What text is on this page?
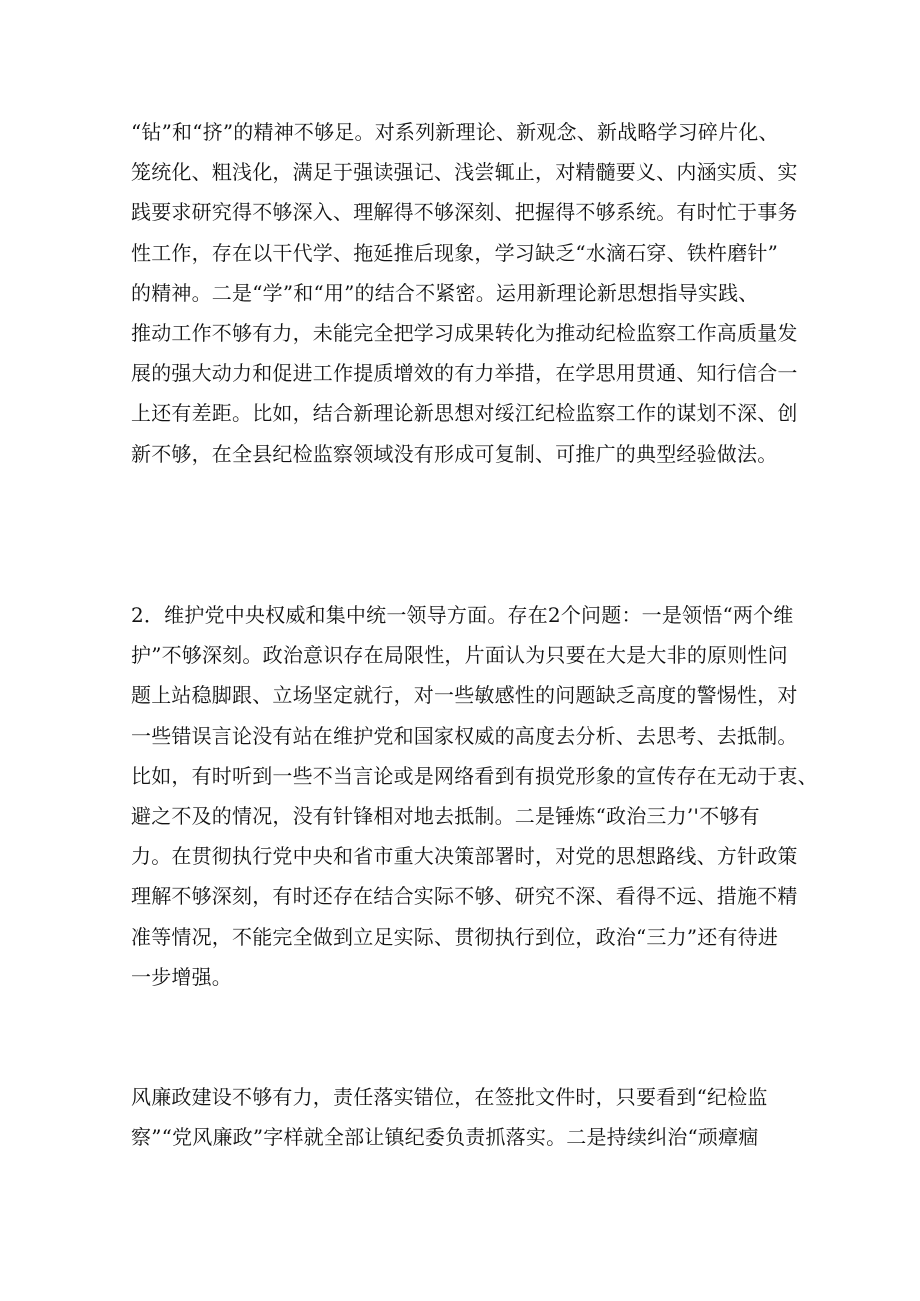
“钻”和“挤”的精神不够足。对系列新理论、新观念、新战略学习碎片化、
笼统化、粗浅化，满足于强读强记、浅尝辄止，对精髓要义、内涵实质、实
践要求研究得不够深入、理解得不够深刻、把握得不够系统。有时忙于事务
性工作，存在以干代学、拖延推后现象，学习缺乏“水滴石穿、铁杵磨针”
的精神。二是“学”和“用”的结合不紧密。运用新理论新思想指导实践、
推动工作不够有力，未能完全把学习成果转化为推动纪检监察工作高质量发
展的强大动力和促进工作提质增效的有力举措，在学思用贯通、知行信合一
上还有差距。比如，结合新理论新思想对绥江纪检监察工作的谋划不深、创
新不够，在全县纪检监察领域没有形成可复制、可推广的典型经验做法。

2．维护党中央权威和集中统一领导方面。存在2个问题：一是领悟“两个维
护”不够深刻。政治意识存在局限性，片面认为只要在大是大非的原则性问
题上站稳脚跟、立场坚定就行，对一些敏感性的问题缺乏高度的警惕性，对
一些错误言论没有站在维护党和国家权威的高度去分析、去思考、去抵制。
比如，有时听到一些不当言论或是网络看到有损党形象的宣传存在无动于衷、
避之不及的情况，没有针锋相对地去抵制。二是锤炼“政治三力’'不够有
力。在贯彻执行党中央和省市重大决策部署时，对党的思想路线、方针政策
理解不够深刻，有时还存在结合实际不够、研究不深、看得不远、措施不精
准等情况，不能完全做到立足实际、贯彻执行到位，政治“三力”还有待进
一步增强。

风廉政建设不够有力，责任落实错位，在签批文件时，只要看到“纪检监
察”“党风廉政”字样就全部让镇纪委负责抓落实。二是持续纠治“顽瘴痼
